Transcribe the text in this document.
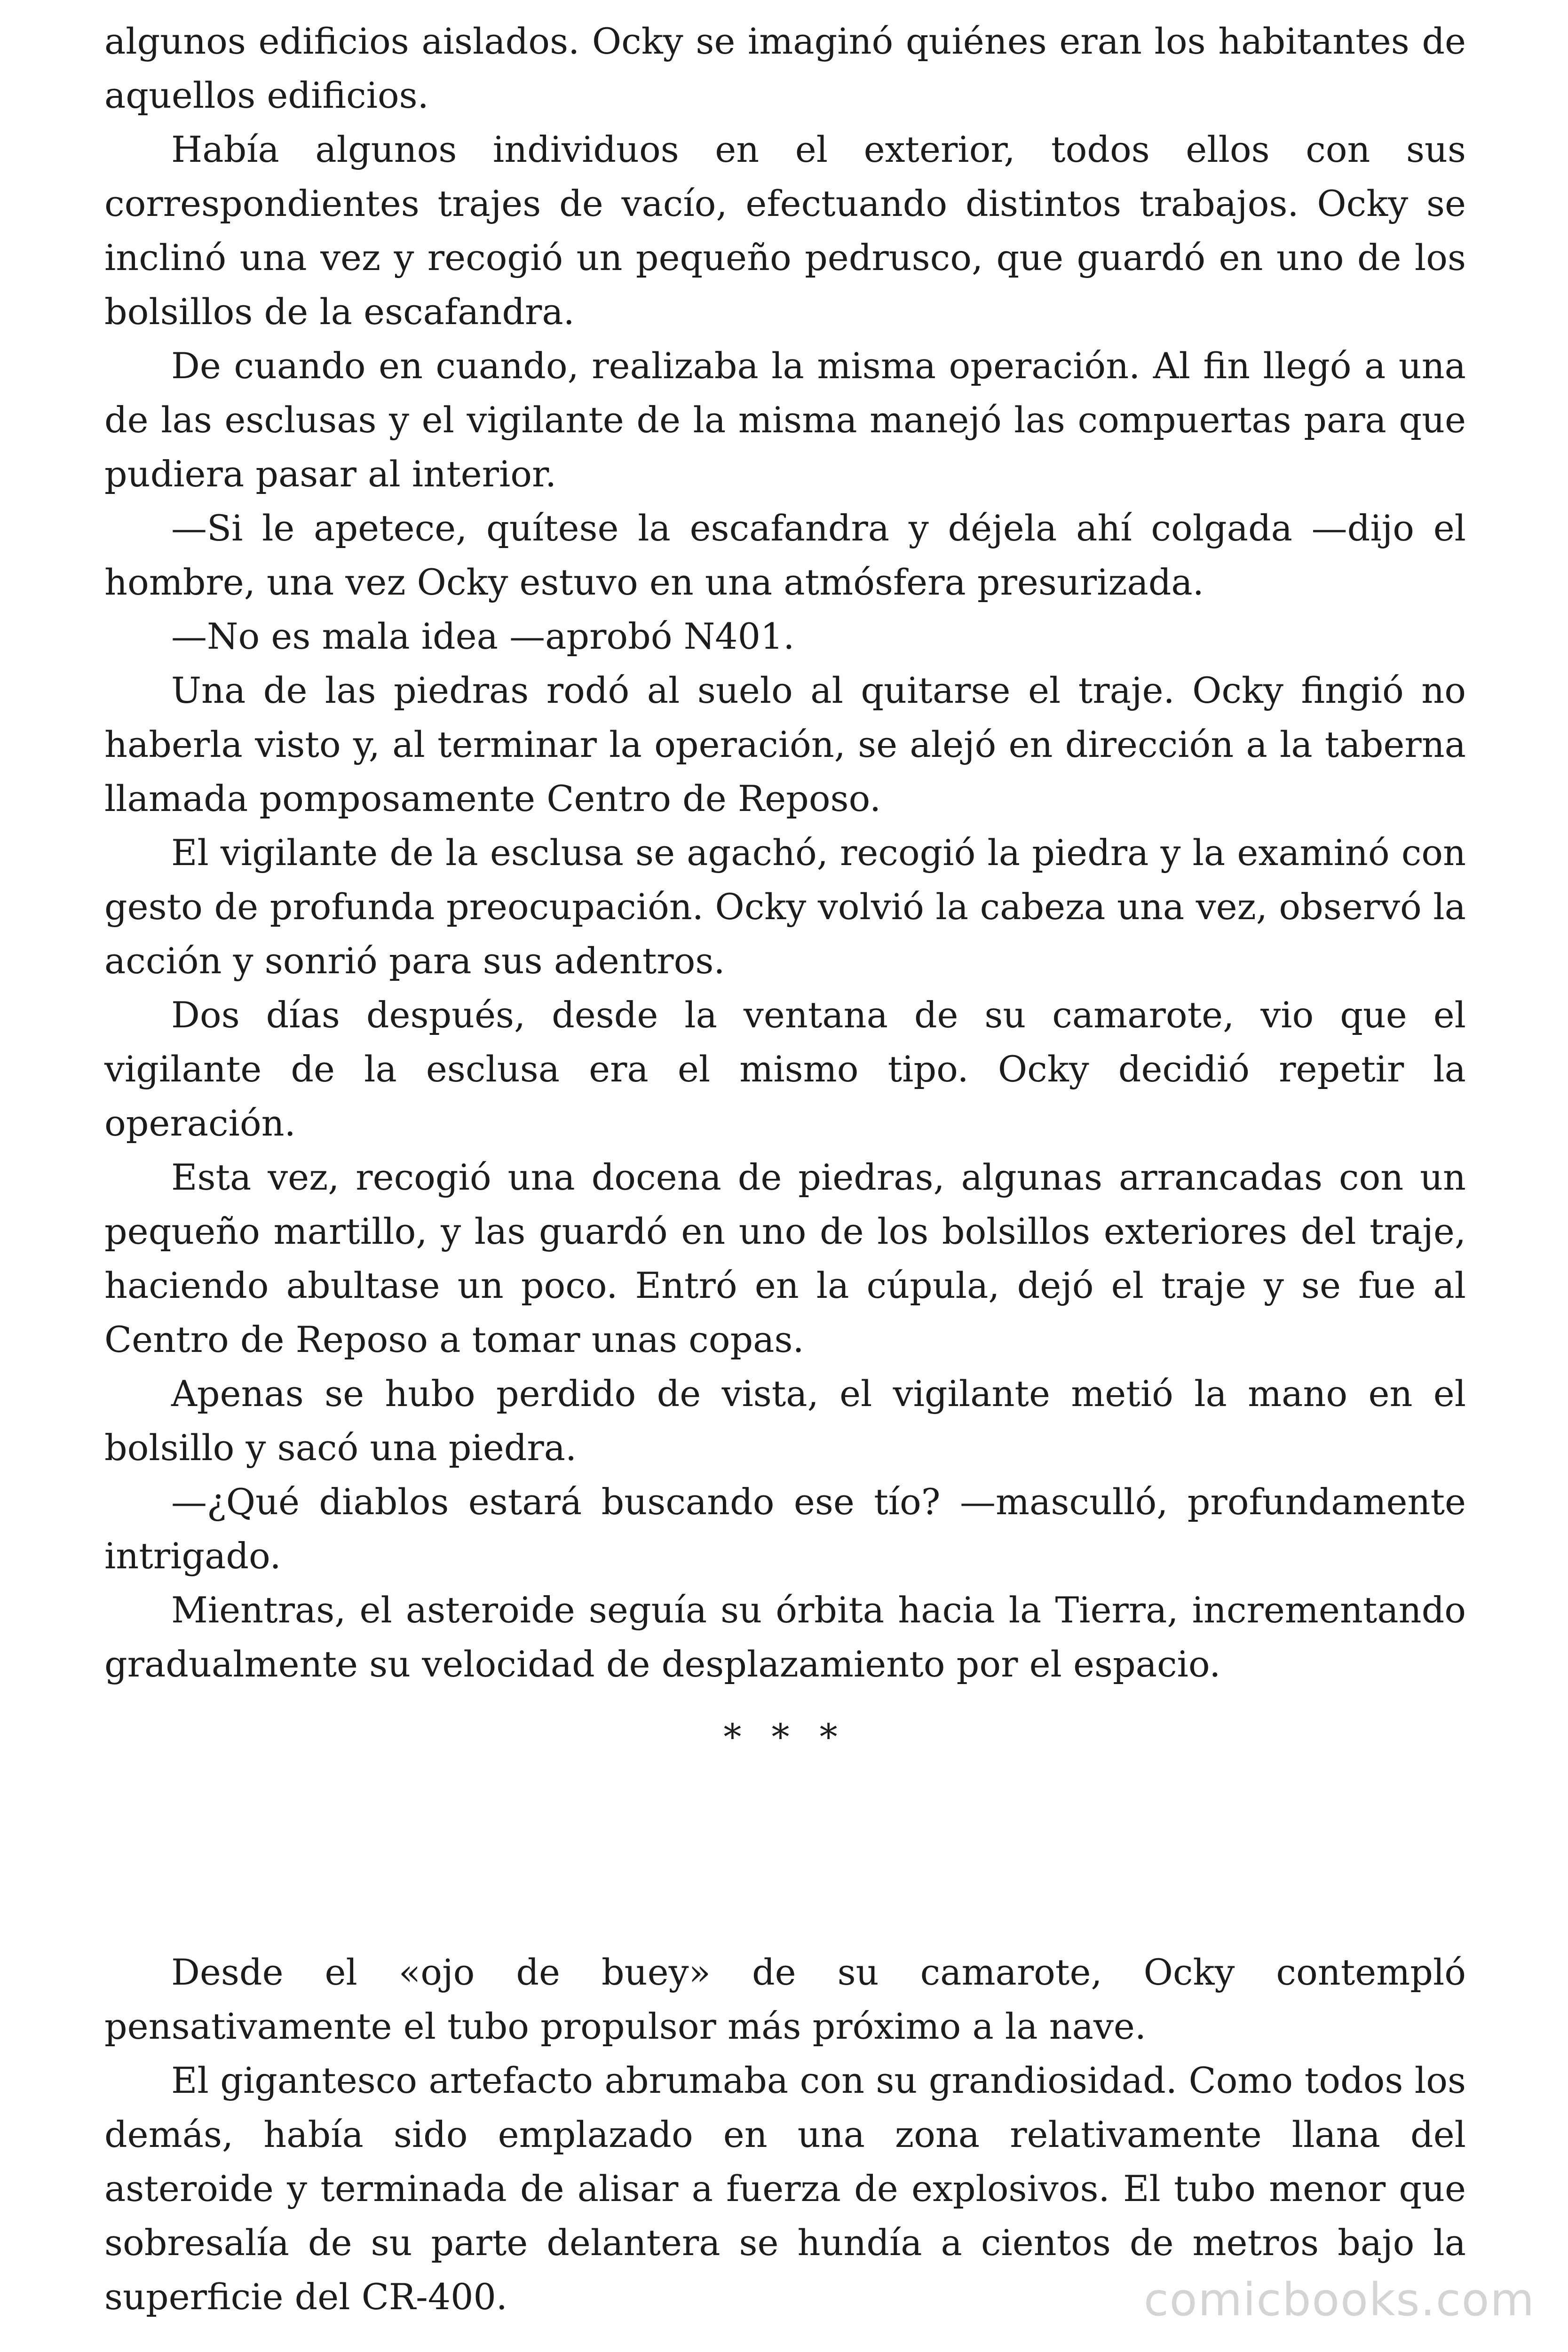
algunos edificios aislados. Ocky se imaginó quiénes eran los habitantes de aquellos edificios.

Había algunos individuos en el exterior, todos ellos con sus correspondientes trajes de vacío, efectuando distintos trabajos. Ocky se inclinó una vez y recogió un pequeño pedrusco, que guardó en uno de los bolsillos de la escafandra.

De cuando en cuando, realizaba la misma operación. Al fin llegó a una de las esclusas y el vigilante de la misma manejó las compuertas para que pudiera pasar al interior.

—Si le apetece, quítese la escafandra y déjela ahí colgada —dijo el hombre, una vez Ocky estuvo en una atmósfera presurizada.

—No es mala idea —aprobó N401.

Una de las piedras rodó al suelo al quitarse el traje. Ocky fingió no haberla visto y, al terminar la operación, se alejó en dirección a la taberna llamada pomposamente Centro de Reposo.

El vigilante de la esclusa se agachó, recogió la piedra y la examinó con gesto de profunda preocupación. Ocky volvió la cabeza una vez, observó la acción y sonrió para sus adentros.

Dos días después, desde la ventana de su camarote, vio que el vigilante de la esclusa era el mismo tipo. Ocky decidió repetir la operación.

Esta vez, recogió una docena de piedras, algunas arrancadas con un pequeño martillo, y las guardó en uno de los bolsillos exteriores del traje, haciendo abultase un poco. Entró en la cúpula, dejó el traje y se fue al Centro de Reposo a tomar unas copas.

Apenas se hubo perdido de vista, el vigilante metió la mano en el bolsillo y sacó una piedra.

—¿Qué diablos estará buscando ese tío? —masculló, profundamente intrigado.

Mientras, el asteroide seguía su órbita hacia la Tierra, incrementando gradualmente su velocidad de desplazamiento por el espacio.

* * *

Desde el «ojo de buey» de su camarote, Ocky contempló pensativamente el tubo propulsor más próximo a la nave.

El gigantesco artefacto abrumaba con su grandiosidad. Como todos los demás, había sido emplazado en una zona relativamente llana del asteroide y terminada de alisar a fuerza de explosivos. El tubo menor que sobresalía de su parte delantera se hundía a cientos de metros bajo la superficie del CR-400.	comicbooks.com
